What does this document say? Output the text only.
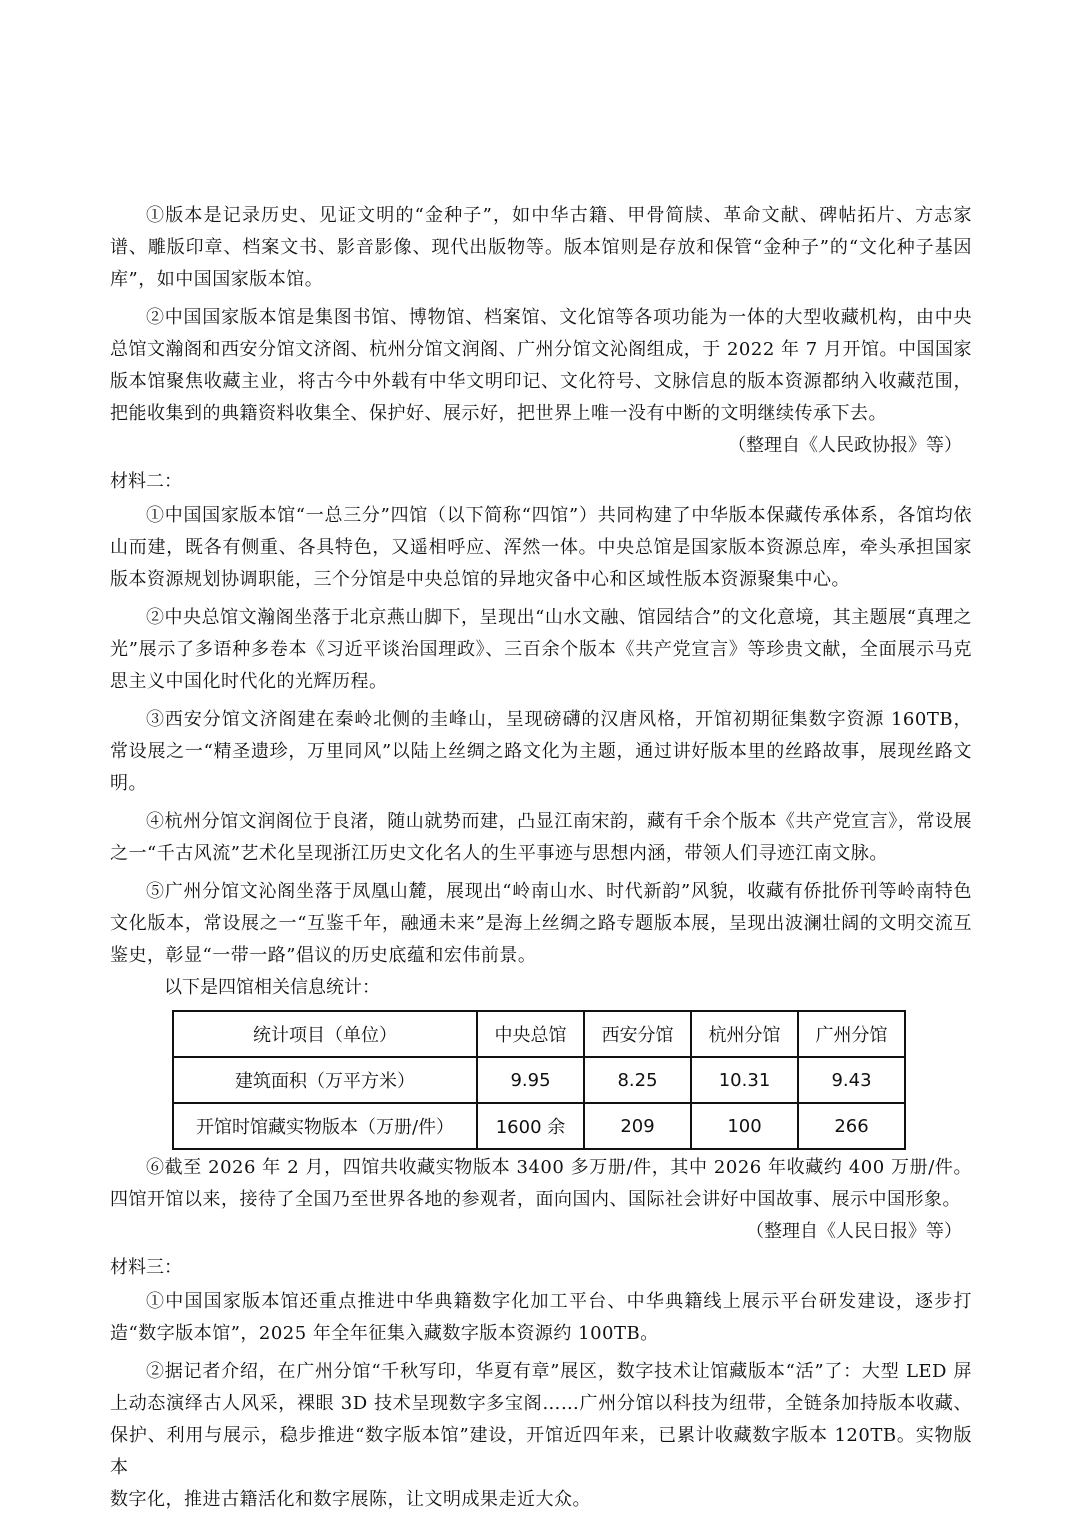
①版本是记录历史、见证文明的“金种子”，如中华古籍、甲骨简牍、革命文献、碑帖拓片、方志家谱、雕版印章、档案文书、影音影像、现代出版物等。版本馆则是存放和保管“金种子”的“文化种子基因库”，如中国国家版本馆。

②中国国家版本馆是集图书馆、博物馆、档案馆、文化馆等各项功能为一体的大型收藏机构，由中央总馆文瀚阁和西安分馆文济阁、杭州分馆文润阁、广州分馆文沁阁组成，于 2022 年 7 月开馆。中国国家版本馆聚焦收藏主业，将古今中外载有中华文明印记、文化符号、文脉信息的版本资源都纳入收藏范围，把能收集到的典籍资料收集全、保护好、展示好，把世界上唯一没有中断的文明继续传承下去。

（整理自《人民政协报》等）

材料二：

①中国国家版本馆“一总三分”四馆（以下简称“四馆”）共同构建了中华版本保藏传承体系，各馆均依山而建，既各有侧重、各具特色，又遥相呼应、浑然一体。中央总馆是国家版本资源总库，牵头承担国家版本资源规划协调职能，三个分馆是中央总馆的异地灾备中心和区域性版本资源聚集中心。

②中央总馆文瀚阁坐落于北京燕山脚下，呈现出“山水文融、馆园结合”的文化意境，其主题展“真理之光”展示了多语种多卷本《习近平谈治国理政》、三百余个版本《共产党宣言》等珍贵文献，全面展示马克思主义中国化时代化的光辉历程。

③西安分馆文济阁建在秦岭北侧的圭峰山，呈现磅礴的汉唐风格，开馆初期征集数字资源 160TB，常设展之一“精圣遗珍，万里同风”以陆上丝绸之路文化为主题，通过讲好版本里的丝路故事，展现丝路文明。

④杭州分馆文润阁位于良渚，随山就势而建，凸显江南宋韵，藏有千余个版本《共产党宣言》，常设展之一“千古风流”艺术化呈现浙江历史文化名人的生平事迹与思想内涵，带领人们寻迹江南文脉。

⑤广州分馆文沁阁坐落于凤凰山麓，展现出“岭南山水、时代新韵”风貌，收藏有侨批侨刊等岭南特色文化版本，常设展之一“互鉴千年，融通未来”是海上丝绸之路专题版本展，呈现出波澜壮阔的文明交流互鉴史，彰显“一带一路”倡议的历史底蕴和宏伟前景。

以下是四馆相关信息统计：

统计项目（单位）	中央总馆	西安分馆	杭州分馆	广州分馆
建筑面积（万平方米）	9.95	8.25	10.31	9.43
开馆时馆藏实物版本（万册/件）	1600 余	209	100	266

⑥截至 2026 年 2 月，四馆共收藏实物版本 3400 多万册/件，其中 2026 年收藏约 400 万册/件。四馆开馆以来，接待了全国乃至世界各地的参观者，面向国内、国际社会讲好中国故事、展示中国形象。

（整理自《人民日报》等）

材料三：

①中国国家版本馆还重点推进中华典籍数字化加工平台、中华典籍线上展示平台研发建设，逐步打造“数字版本馆”，2025 年全年征集入藏数字版本资源约 100TB。

②据记者介绍，在广州分馆“千秋写印，华夏有章”展区，数字技术让馆藏版本“活”了：大型 LED 屏上动态演绎古人风采，裸眼 3D 技术呈现数字多宝阁……广州分馆以科技为纽带，全链条加持版本收藏、保护、利用与展示，稳步推进“数字版本馆”建设，开馆近四年来，已累计收藏数字版本 120TB。实物版本

数字化，推进古籍活化和数字展陈，让文明成果走近大众。
